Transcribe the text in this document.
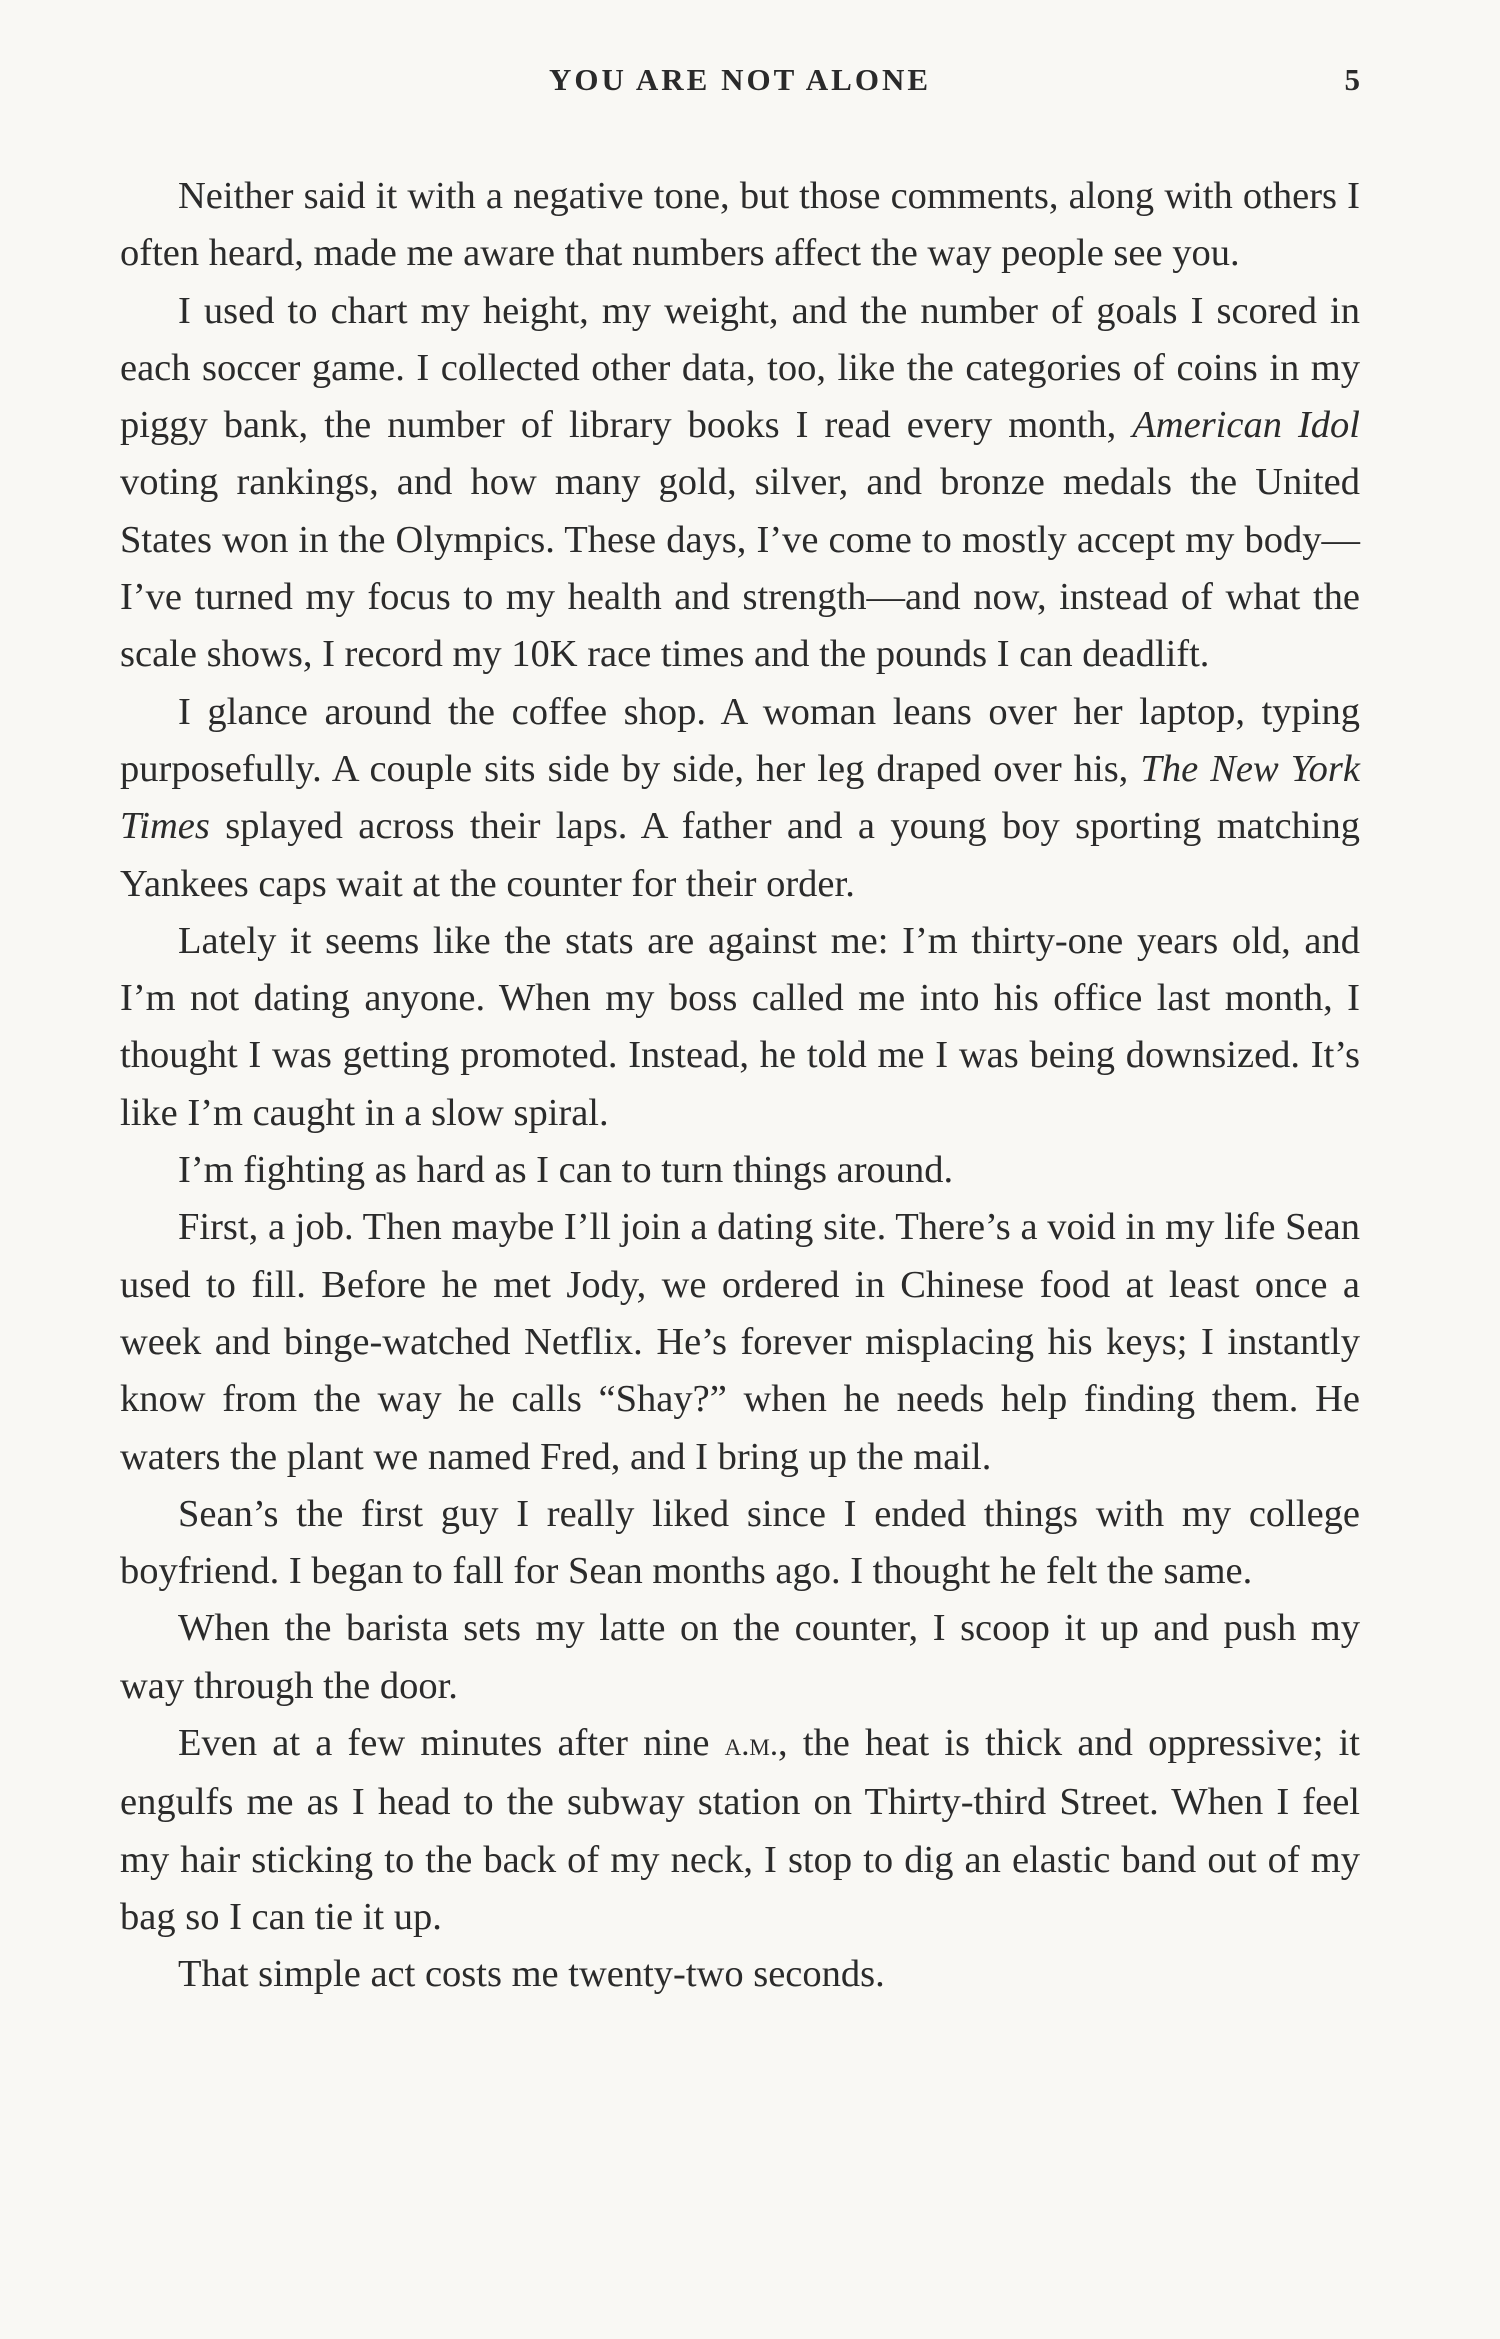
YOU ARE NOT ALONE	5

Neither said it with a negative tone, but those comments, along with others I often heard, made me aware that numbers affect the way people see you.

I used to chart my height, my weight, and the number of goals I scored in each soccer game. I collected other data, too, like the categories of coins in my piggy bank, the number of library books I read every month, American Idol voting rankings, and how many gold, silver, and bronze medals the United States won in the Olympics. These days, I’ve come to mostly accept my body—I’ve turned my focus to my health and strength—and now, instead of what the scale shows, I record my 10K race times and the pounds I can deadlift.

I glance around the coffee shop. A woman leans over her laptop, typing purposefully. A couple sits side by side, her leg draped over his, The New York Times splayed across their laps. A father and a young boy sporting matching Yankees caps wait at the counter for their order.

Lately it seems like the stats are against me: I’m thirty-one years old, and I’m not dating anyone. When my boss called me into his office last month, I thought I was getting promoted. Instead, he told me I was being downsized. It’s like I’m caught in a slow spiral.

I’m fighting as hard as I can to turn things around.

First, a job. Then maybe I’ll join a dating site. There’s a void in my life Sean used to fill. Before he met Jody, we ordered in Chinese food at least once a week and binge-watched Netflix. He’s forever misplacing his keys; I instantly know from the way he calls “Shay?” when he needs help finding them. He waters the plant we named Fred, and I bring up the mail.

Sean’s the first guy I really liked since I ended things with my college boyfriend. I began to fall for Sean months ago. I thought he felt the same.

When the barista sets my latte on the counter, I scoop it up and push my way through the door.

Even at a few minutes after nine a.m., the heat is thick and oppressive; it engulfs me as I head to the subway station on Thirty-third Street. When I feel my hair sticking to the back of my neck, I stop to dig an elastic band out of my bag so I can tie it up.

That simple act costs me twenty-two seconds.
